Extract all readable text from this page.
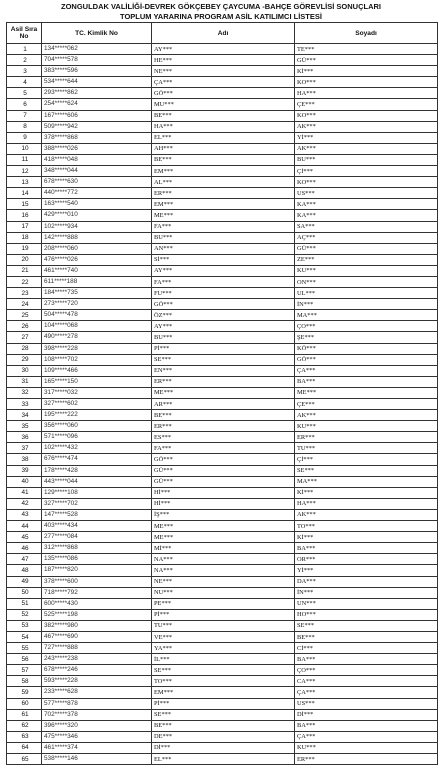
ZONGULDAK VALİLİĞİ-DEVREK GÖKÇEBEY ÇAYCUMA -BAHÇE GÖREVLİSİ SONUÇLARI
TOPLUM YARARINA PROGRAM ASİL KATILIMCI LİSTESİ
Asil Sıra No	TC. Kimlik No	Adı	Soyadı
1	134*****062	AY***	TE***
2	704*****578	HE***	GÜ***
3	383*****596	NE***	Kİ***
4	534*****644	ÇA***	KO***
5	293*****862	GÖ***	HA***
6	254*****624	MU***	ÇE***
7	167*****606	BE***	KO***
8	509*****942	HA***	AK***
9	378*****868	EL***	Yİ***
10	388*****026	AH***	AK***
11	418*****048	BE***	BU***
12	348*****044	EM***	Çİ***
13	678*****630	AL***	KO***
14	440*****772	ER***	US***
15	163*****540	EM***	KA***
16	429*****010	ME***	KA***
17	102*****934	FA***	SA***
18	142*****888	BU***	AÇ***
19	208*****060	AN***	GÜ***
20	476*****026	Sİ***	ZE***
21	461*****740	AY***	KU***
22	611*****188	FA***	ON***
23	184*****735	FU***	UL***
24	273*****720	GÖ***	İN***
25	504*****478	ÖZ***	MA***
26	104*****068	AY***	ÇO***
27	490*****278	BU***	ŞE***
28	398*****228	Pİ***	KÖ***
29	108*****702	SE***	GÖ***
30	109*****466	EN***	ÇA***
31	165*****150	ER***	BA***
32	317*****032	ME***	ME***
33	327*****602	AR***	ÇE***
34	195*****222	BE***	AK***
35	356*****060	ER***	KU***
36	571*****096	ES***	ER***
37	102*****432	FA***	TU***
38	676*****474	GÖ***	Çİ***
39	178*****428	GÜ***	SE***
40	443*****044	GÜ***	MA***
41	129*****108	Hİ***	Kİ***
42	327*****702	Hİ***	HA***
43	147*****528	İŞ***	AK***
44	403*****434	ME***	TO***
45	277*****084	ME***	Kİ***
46	312*****868	Mİ***	BA***
47	135*****086	NA***	OR***
48	187*****820	NA***	Yİ***
49	378*****600	NE***	DA***
50	718*****792	NU***	İN***
51	600*****430	PE***	UN***
52	525*****198	Pİ***	HO***
53	382*****980	TU***	SE***
54	467*****690	VE***	BE***
55	727*****888	YA***	Cİ***
56	243*****238	İL***	BA***
57	678*****246	SE***	ÇO***
58	593*****228	TO***	CA***
59	233*****628	EM***	ÇA***
60	577*****878	Pİ***	US***
61	702*****378	SE***	Dİ***
62	396*****320	BE***	BA***
63	475*****346	DE***	ÇA***
64	461*****374	Dİ***	KU***
65	538*****146	EL***	ER***
